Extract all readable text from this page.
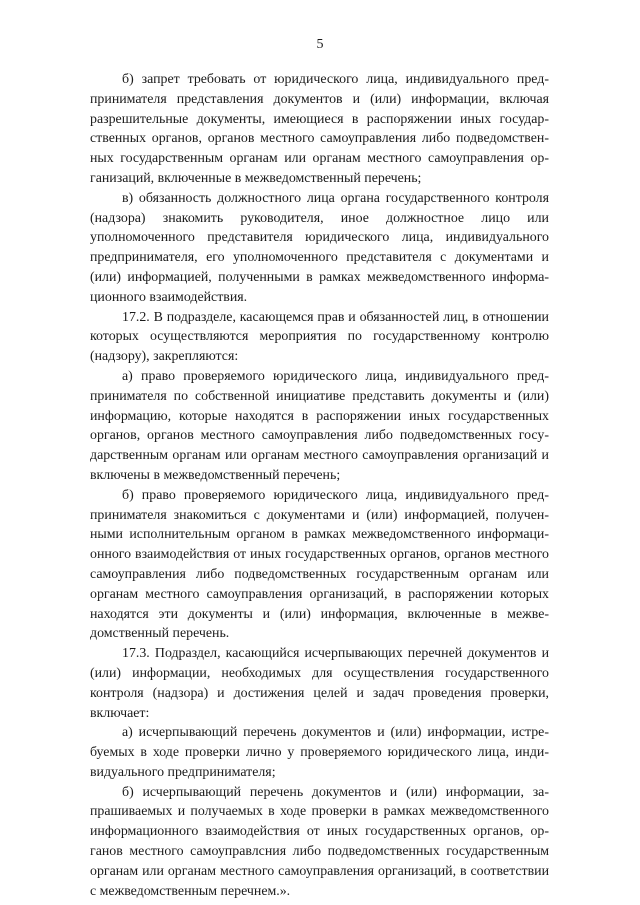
5

б) запрет требовать от юридического лица, индивидуального предпринимателя представления документов и (или) информации, включая разрешительные документы, имеющиеся в распоряжении иных государственных органов, органов местного самоуправления либо подведомственных государственным органам или органам местного самоуправления организаций, включенные в межведомственный перечень;

в) обязанность должностного лица органа государственного контроля (надзора) знакомить руководителя, иное должностное лицо или уполномоченного представителя юридического лица, индивидуального предпринимателя, его уполномоченного представителя с документами и (или) информацией, полученными в рамках межведомственного информационного взаимодействия.

17.2. В подразделе, касающемся прав и обязанностей лиц, в отношении которых осуществляются мероприятия по государственному контролю (надзору), закрепляются:

а) право проверяемого юридического лица, индивидуального предпринимателя по собственной инициативе представить документы и (или) информацию, которые находятся в распоряжении иных государственных органов, органов местного самоуправления либо подведомственных государственным органам или органам местного самоуправления организаций и включены в межведомственный перечень;

б) право проверяемого юридического лица, индивидуального предпринимателя знакомиться с документами и (или) информацией, полученными исполнительным органом в рамках межведомственного информационного взаимодействия от иных государственных органов, органов местного самоуправления либо подведомственных государственным органам или органам местного самоуправления организаций, в распоряжении которых находятся эти документы и (или) информация, включенные в межведомственный перечень.

17.3. Подраздел, касающийся исчерпывающих перечней документов и (или) информации, необходимых для осуществления государственного контроля (надзора) и достижения целей и задач проведения проверки, включает:

а) исчерпывающий перечень документов и (или) информации, истребуемых в ходе проверки лично у проверяемого юридического лица, индивидуального предпринимателя;

б) исчерпывающий перечень документов и (или) информации, запрашиваемых и получаемых в ходе проверки в рамках межведомственного информационного взаимодействия от иных государственных органов, органов местного самоуправлсния либо подведомственных государственным органам или органам местного самоуправления организаций, в соответствии с межведомственным перечнем.».
